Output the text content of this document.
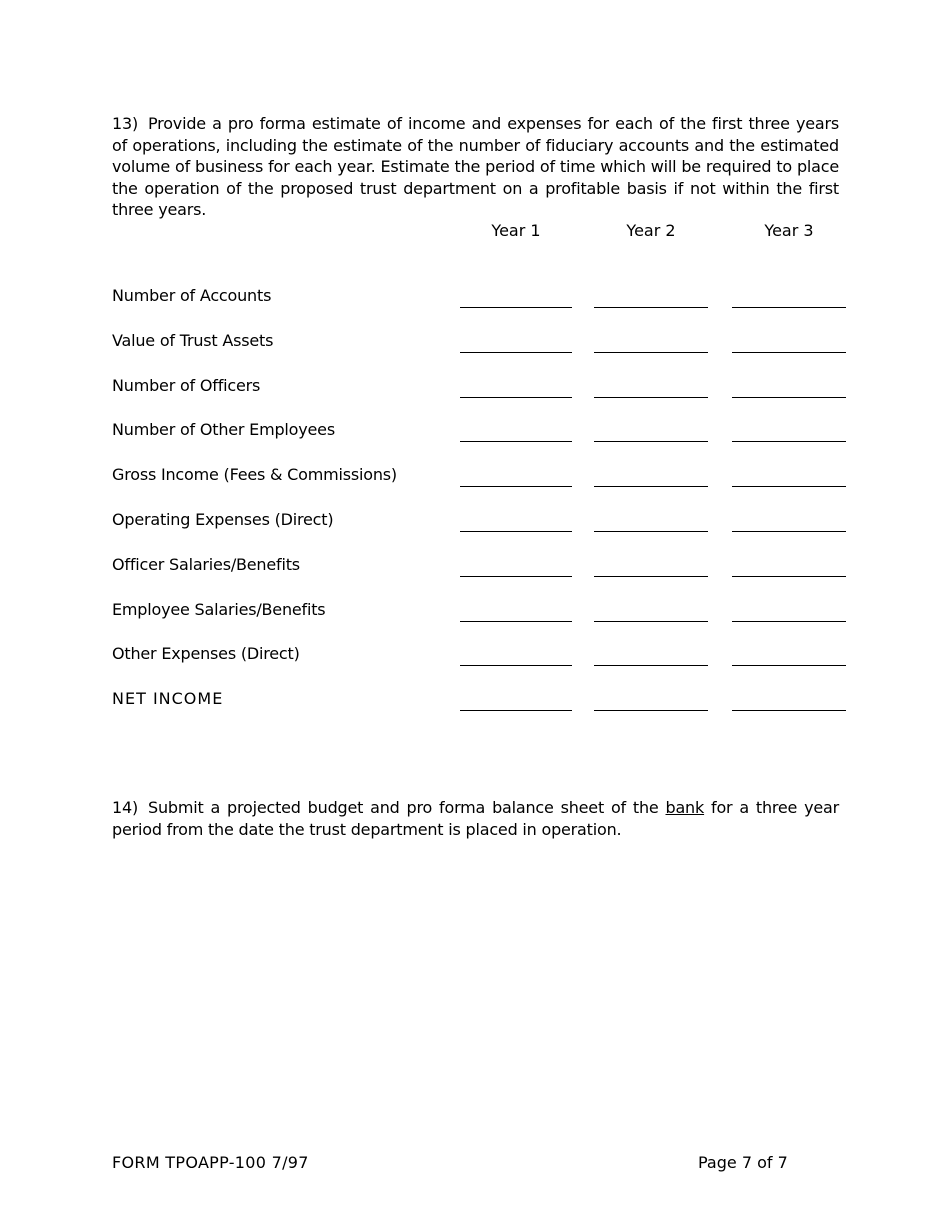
13) Provide a pro forma estimate of income and expenses for each of the first three years of operations, including the estimate of the number of fiduciary accounts and the estimated volume of business for each year. Estimate the period of time which will be required to place the operation of the proposed trust department on a profitable basis if not within the first three years.
Year 1	Year 2	Year 3
Number of Accounts
Value of Trust Assets
Number of Officers
Number of Other Employees
Gross Income (Fees & Commissions)
Operating Expenses (Direct)
Officer Salaries/Benefits
Employee Salaries/Benefits
Other Expenses (Direct)
NET INCOME
14) Submit a projected budget and pro forma balance sheet of the bank for a three year period from the date the trust department is placed in operation.
FORM TPOAPP-100 7/97	Page 7 of 7
